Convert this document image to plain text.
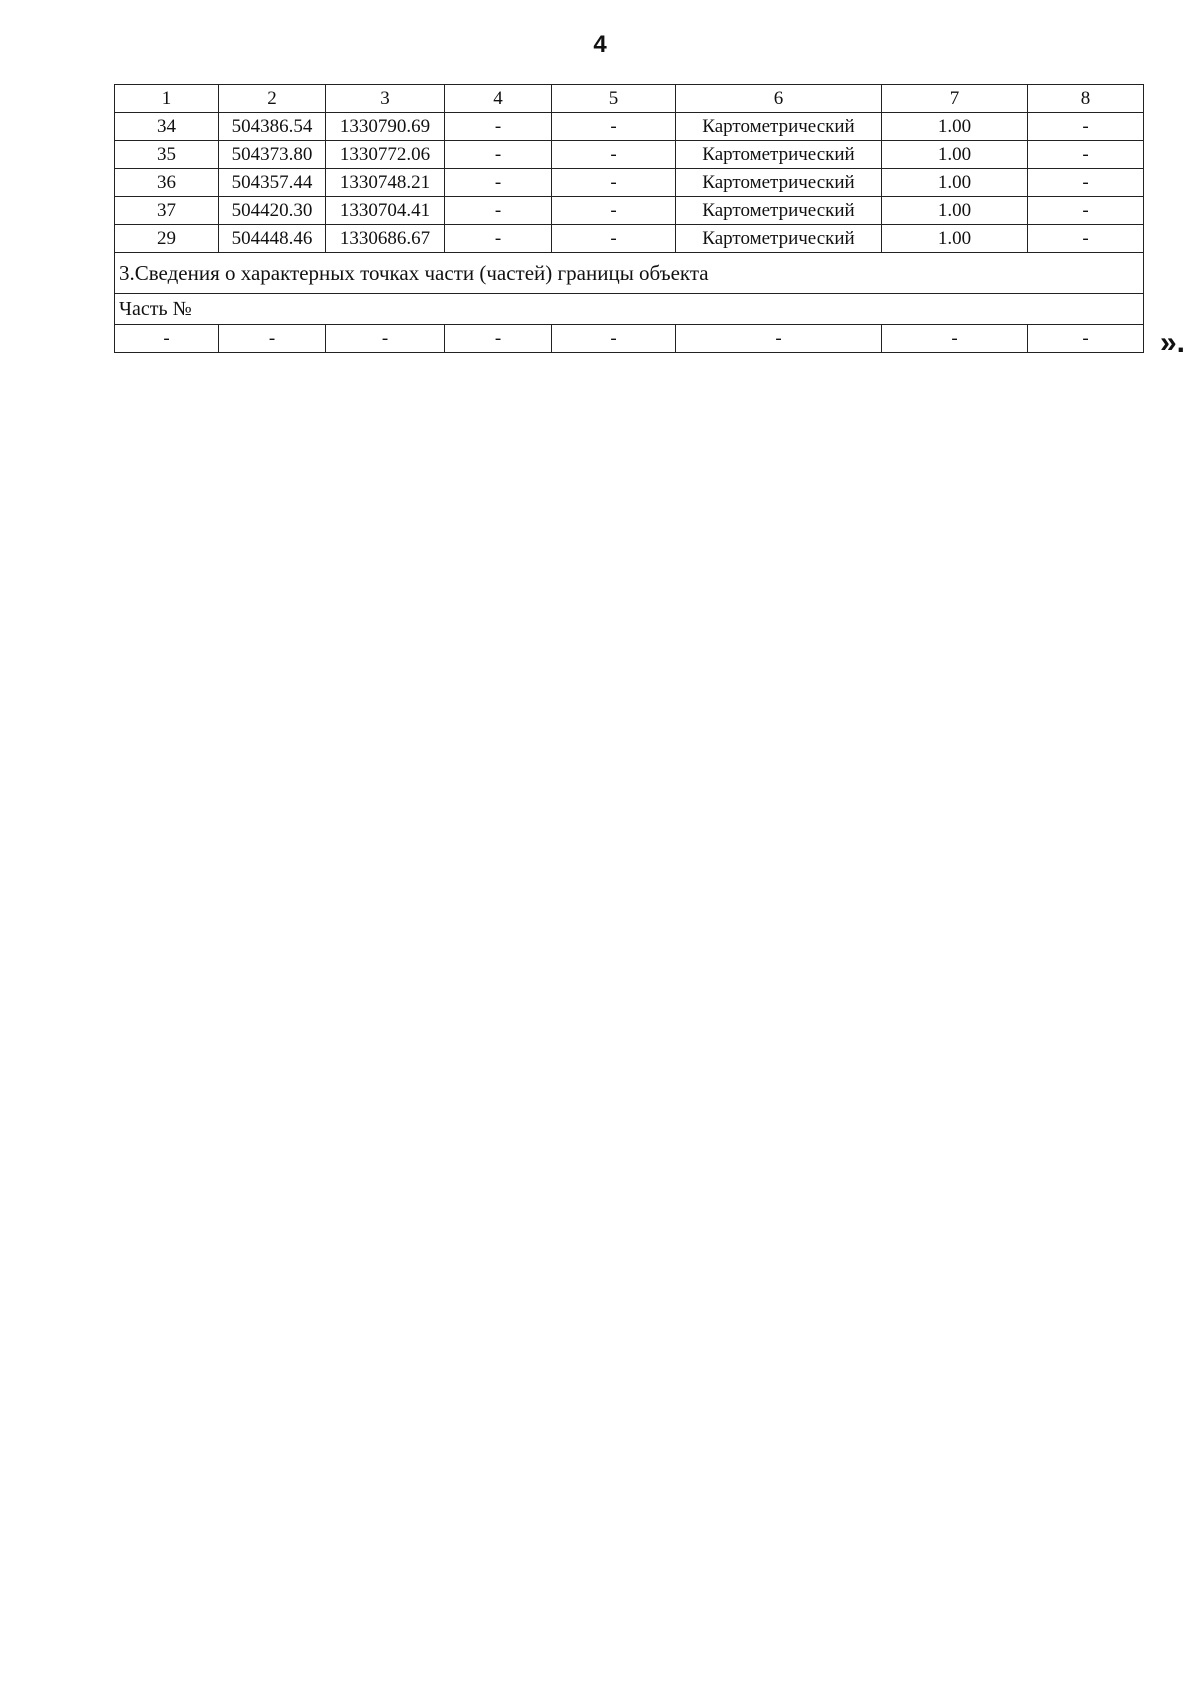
4
1	2	3	4	5	6	7	8
34	504386.54	1330790.69	-	-	Картометрический	1.00	-
35	504373.80	1330772.06	-	-	Картометрический	1.00	-
36	504357.44	1330748.21	-	-	Картометрический	1.00	-
37	504420.30	1330704.41	-	-	Картометрический	1.00	-
29	504448.46	1330686.67	-	-	Картометрический	1.00	-
3.Сведения о характерных точках части (частей) границы объекта							
Часть №							
-	-	-	-	-	-	-	- ».
